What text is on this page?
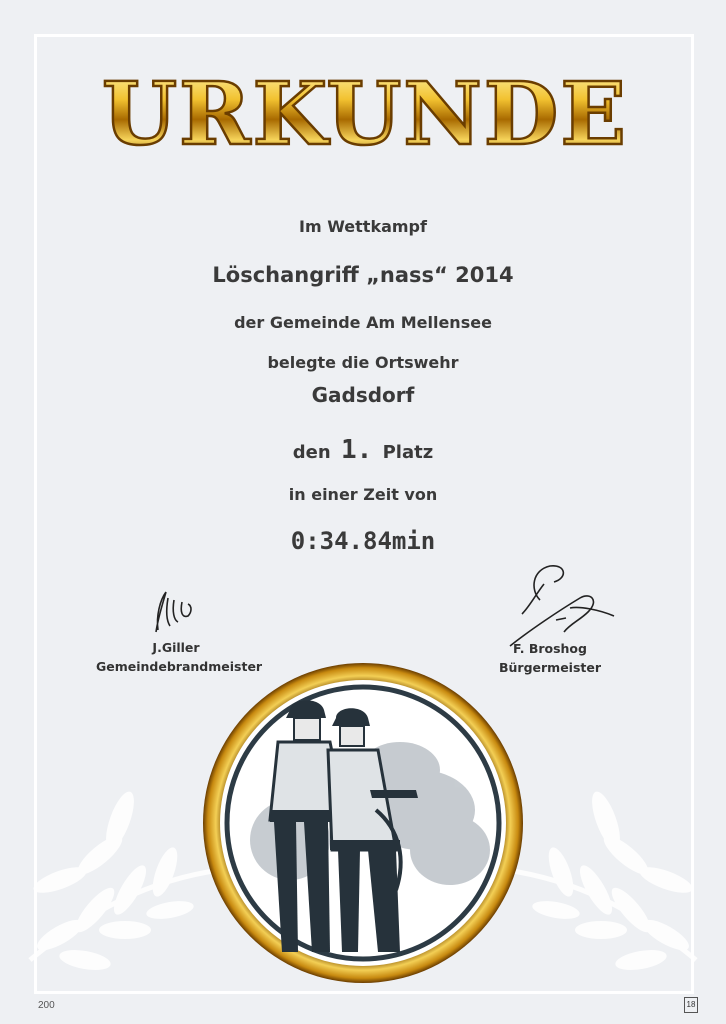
URKUNDE
Im Wettkampf
Löschangriff „nass“ 2014
der Gemeinde Am Mellensee
belegte die Ortswehr
Gadsdorf
den 1. Platz
in einer Zeit von
0:34.84min
J.Giller
Gemeindebrandmeister
F. Broshog
Bürgermeister
200	18
